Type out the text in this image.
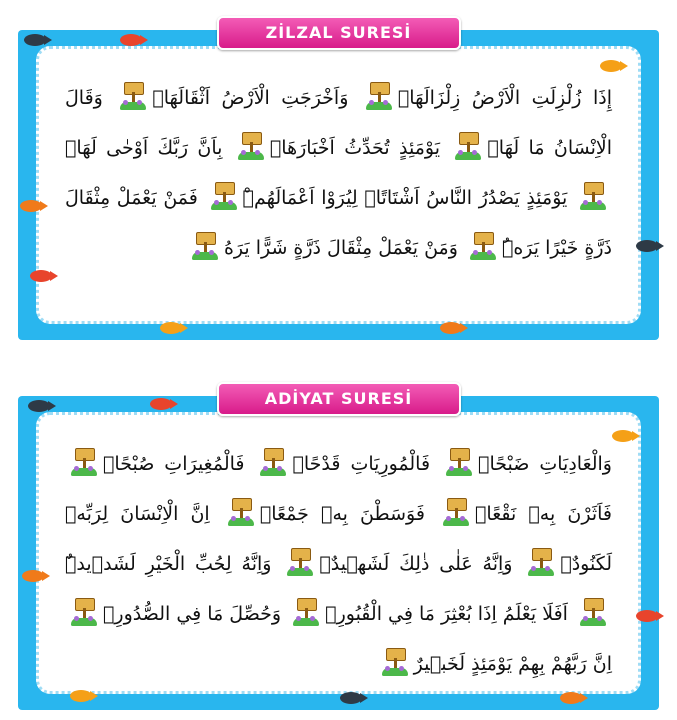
ZİLZAL SURESİ
إِذَا زُلْزِلَتِ الْاَرْضُ زِلْزَالَهَاۙ
وَاَخْرَجَتِ الْاَرْضُ اَثْقَالَهَاۙ
وَقَالَ الْاِنْسَانُ مَا لَهَاۚ
يَوْمَئِذٍ تُحَدِّثُ اَخْبَارَهَاۙ
بِاَنَّ رَبَّكَ اَوْحٰى لَهَاۜ
يَوْمَئِذٍ يَصْدُرُ النَّاسُ اَشْتَاتًاۙ لِيُرَوْا اَعْمَالَهُمْۜ
فَمَنْ يَعْمَلْ مِثْقَالَ ذَرَّةٍ خَيْرًا يَرَهُۜ
وَمَنْ يَعْمَلْ مِثْقَالَ ذَرَّةٍ شَرًّا يَرَهُ
ADİYAT SURESİ
وَالْعَادِيَاتِ ضَبْحًاۙ
فَالْمُورِيَاتِ قَدْحًاۙ
فَالْمُغِيرَاتِ صُبْحًاۙ
فَاَثَرْنَ بِه۪ نَقْعًاۙ
فَوَسَطْنَ بِه۪ جَمْعًاۙ
اِنَّ الْاِنْسَانَ لِرَبِّه۪ لَكَنُودٌۚ
وَاِنَّهُ عَلٰى ذٰلِكَ لَشَه۪يدٌۚ
وَاِنَّهُ لِحُبِّ الْخَيْرِ لَشَد۪يدٌۜ
اَفَلَا يَعْلَمُ اِذَا بُعْثِرَ مَا فِي الْقُبُورِۙ
وَحُصِّلَ مَا فِي الصُّدُورِۙ
اِنَّ رَبَّهُمْ بِهِمْ يَوْمَئِذٍ لَخَب۪يرٌ
